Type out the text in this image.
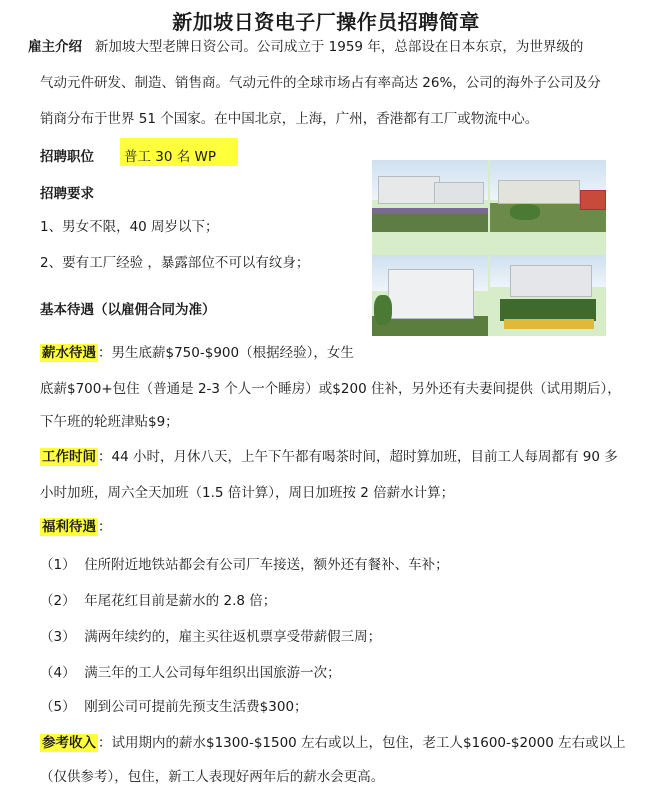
新加坡日资电子厂操作员招聘简章
雇主介绍 新加坡大型老牌日资公司。公司成立于 1959 年，总部设在日本东京，为世界级的
气动元件研发、制造、销售商。气动元件的全球市场占有率高达 26%，公司的海外子公司及分
销商分布于世界 51 个国家。在中国北京，上海，广州，香港都有工厂或物流中心。
招聘职位 普工 30 名 WP
招聘要求
1、男女不限，40 周岁以下；
2、要有工厂经验 ，暴露部位不可以有纹身；
基本待遇（以雇佣合同为准）
薪水待遇 ：男生底薪$750-$900（根据经验），女生
底薪$700+包住（普通是 2-3 个人一个睡房）或$200 住补，另外还有夫妻间提供（试用期后），
下午班的轮班津贴$9；
工作时间 ：44 小时，月休八天，上午下午都有喝茶时间，超时算加班，目前工人每周都有 90 多
小时加班，周六全天加班（1.5 倍计算），周日加班按 2 倍薪水计算；
福利待遇 ：
（1） 住所附近地铁站都会有公司厂车接送，额外还有餐补、车补；
（2） 年尾花红目前是薪水的 2.8 倍；
（3） 满两年续约的，雇主买往返机票享受带薪假三周；
（4） 满三年的工人公司每年组织出国旅游一次；
（5） 刚到公司可提前先预支生活费$300；
参考收入 ：试用期内的薪水$1300-$1500 左右或以上，包住，老工人$1600-$2000 左右或以上
（仅供参考），包住，新工人表现好两年后的薪水会更高。
